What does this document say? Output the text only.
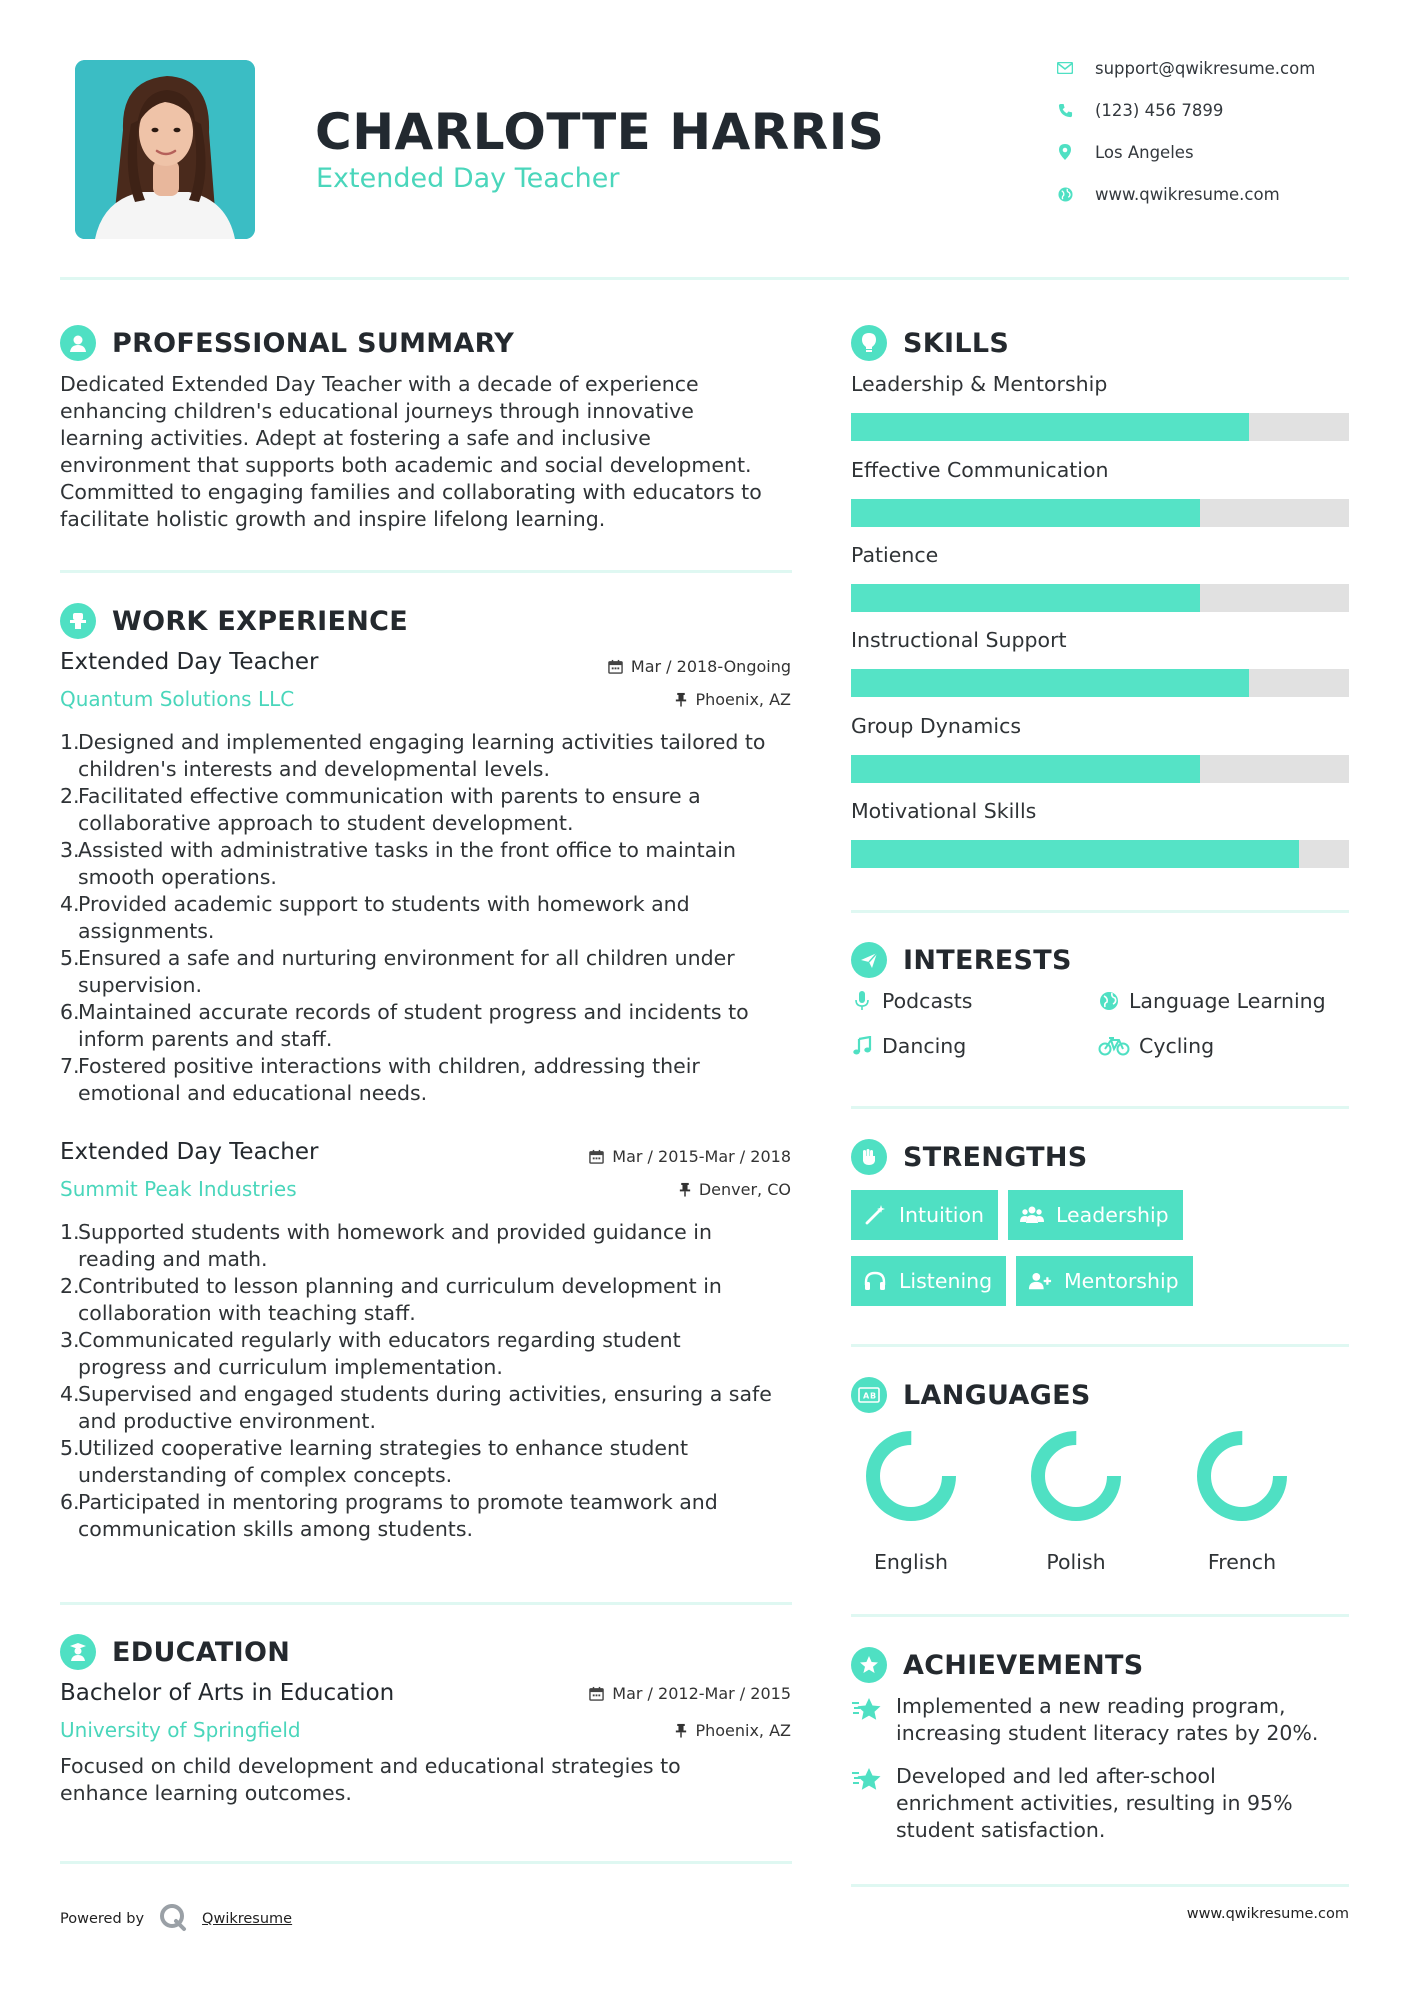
CHARLOTTE HARRIS
Extended Day Teacher
support@qwikresume.com
(123) 456 7899
Los Angeles
www.qwikresume.com
PROFESSIONAL SUMMARY
Dedicated Extended Day Teacher with a decade of experience
enhancing children's educational journeys through innovative
learning activities. Adept at fostering a safe and inclusive
environment that supports both academic and social development.
Committed to engaging families and collaborating with educators to
facilitate holistic growth and inspire lifelong learning.
WORK EXPERIENCE
Extended Day Teacher	Mar / 2018-Ongoing
Quantum Solutions LLC	Phoenix, AZ
1.
Designed and implemented engaging learning activities tailored to
children's interests and developmental levels.
2.
Facilitated effective communication with parents to ensure a
collaborative approach to student development.
3.
Assisted with administrative tasks in the front office to maintain
smooth operations.
4.
Provided academic support to students with homework and
assignments.
5.
Ensured a safe and nurturing environment for all children under
supervision.
6.
Maintained accurate records of student progress and incidents to
inform parents and staff.
7.
Fostered positive interactions with children, addressing their
emotional and educational needs.
Extended Day Teacher	Mar / 2015-Mar / 2018
Summit Peak Industries	Denver, CO
1.
Supported students with homework and provided guidance in
reading and math.
2.
Contributed to lesson planning and curriculum development in
collaboration with teaching staff.
3.
Communicated regularly with educators regarding student
progress and curriculum implementation.
4.
Supervised and engaged students during activities, ensuring a safe
and productive environment.
5.
Utilized cooperative learning strategies to enhance student
understanding of complex concepts.
6.
Participated in mentoring programs to promote teamwork and
communication skills among students.
EDUCATION
Bachelor of Arts in Education	Mar / 2012-Mar / 2015
University of Springfield	Phoenix, AZ
Focused on child development and educational strategies to
enhance learning outcomes.
SKILLS
Leadership & Mentorship
Effective Communication
Patience
Instructional Support
Group Dynamics
Motivational Skills
INTERESTS
Podcasts	Language Learning
Dancing	Cycling
STRENGTHS
Intuition	Leadership
Listening	Mentorship
A B LANGUAGES
English	Polish	French
ACHIEVEMENTS
Implemented a new reading program,
increasing student literacy rates by 20%.
Developed and led after-school
enrichment activities, resulting in 95%
student satisfaction.
Powered by	Qwikresume	www.qwikresume.com
